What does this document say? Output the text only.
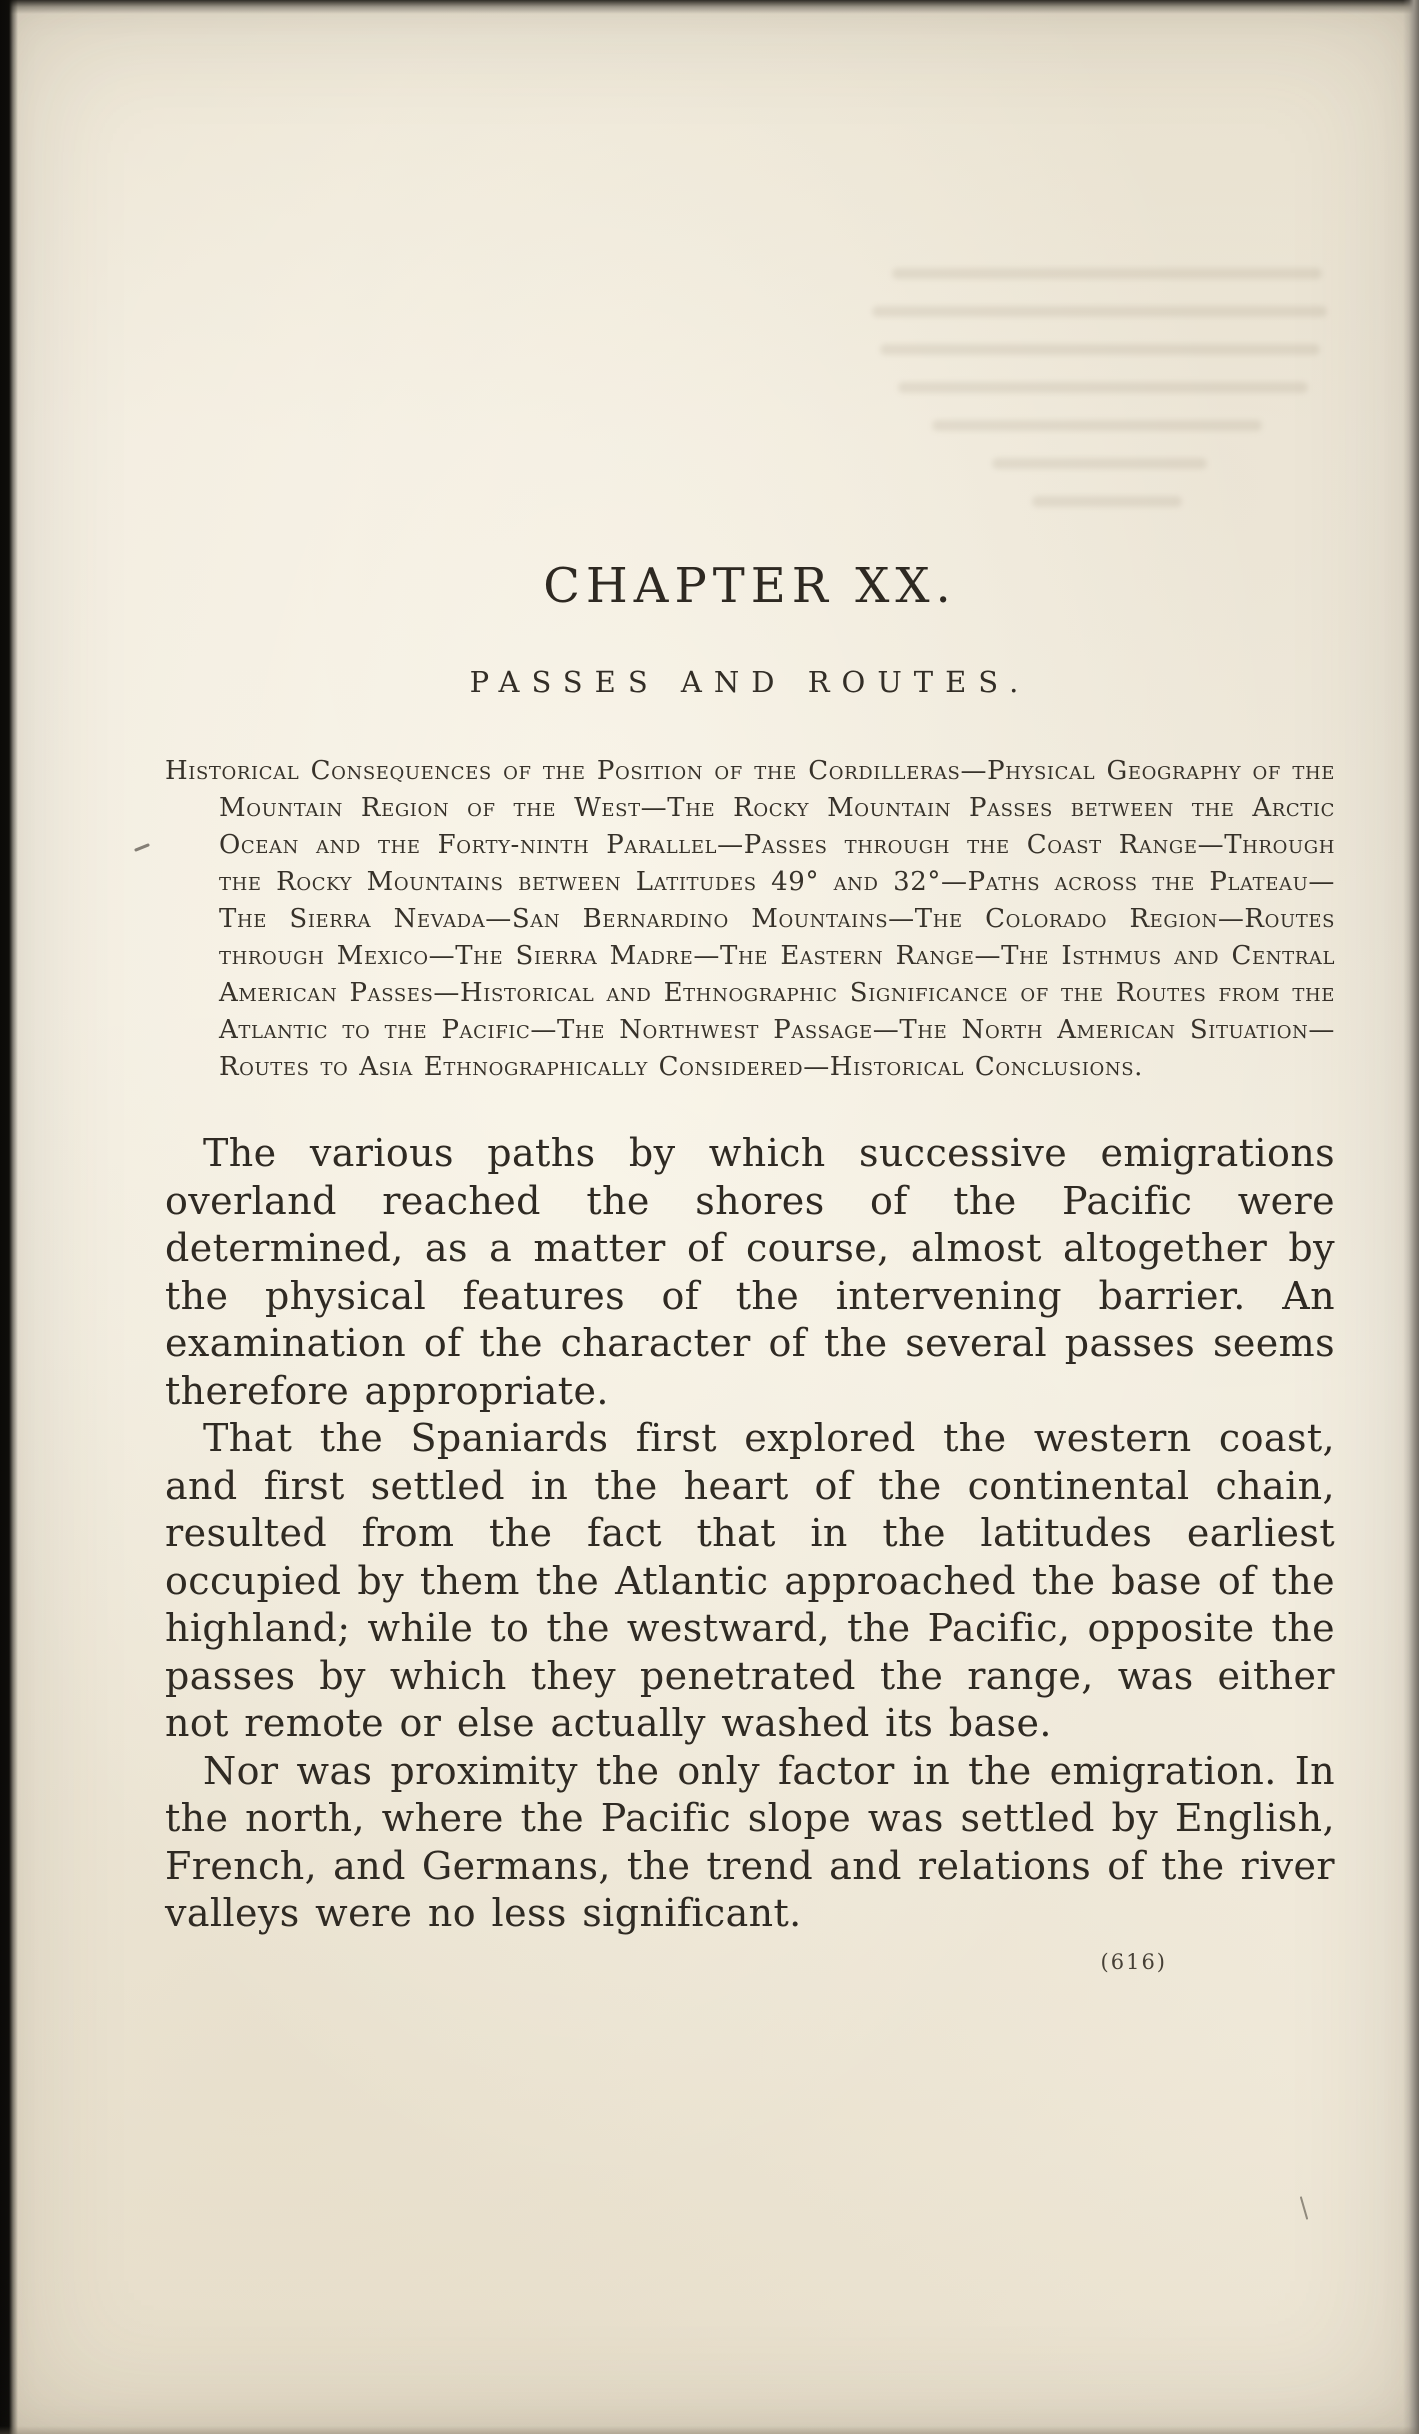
CHAPTER XX.
PASSES AND ROUTES.

Historical Consequences of the Position of the Cordilleras—Physical Geography of the Mountain Region of the West—The Rocky Mountain Passes between the Arctic Ocean and the Forty-ninth Parallel—Passes through the Coast Range—Through the Rocky Mountains between Latitudes 49° and 32°—Paths across the Plateau—The Sierra Nevada—San Bernardino Mountains—The Colorado Region—Routes through Mexico—The Sierra Madre—The Eastern Range—The Isthmus and Central American Passes—Historical and Ethnographic Significance of the Routes from the Atlantic to the Pacific—The Northwest Passage—The North American Situation—Routes to Asia Ethnographically Considered—Historical Conclusions.

The various paths by which successive emigrations overland reached the shores of the Pacific were determined, as a matter of course, almost altogether by the physical features of the intervening barrier. An examination of the character of the several passes seems therefore appropriate.

That the Spaniards first explored the western coast, and first settled in the heart of the continental chain, resulted from the fact that in the latitudes earliest occupied by them the Atlantic approached the base of the highland; while to the westward, the Pacific, opposite the passes by which they penetrated the range, was either not remote or else actually washed its base.

Nor was proximity the only factor in the emigration. In the north, where the Pacific slope was settled by English, French, and Germans, the trend and relations of the river valleys were no less significant.

(616)
